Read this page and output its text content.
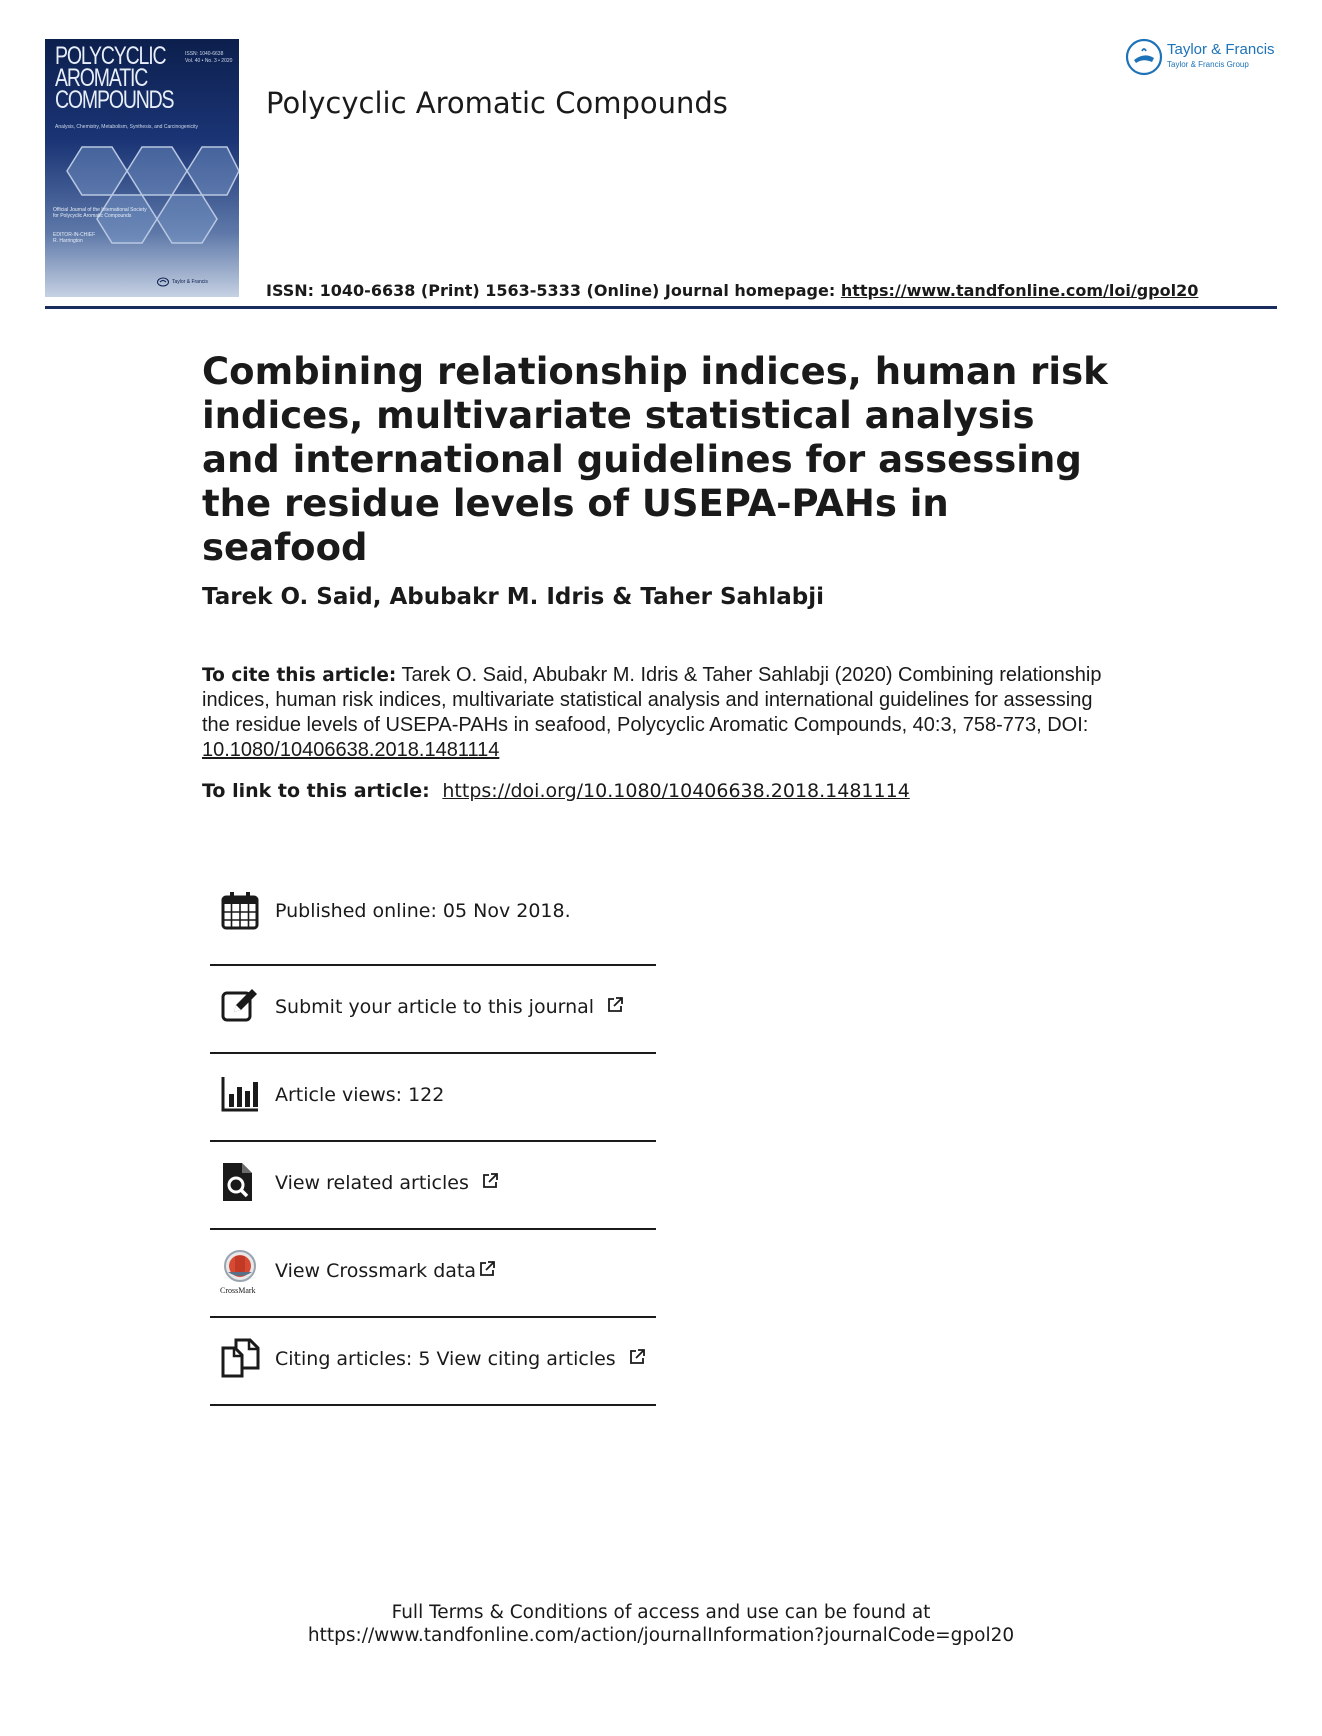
POLYCYCLIC
AROMATIC
COMPOUNDS
ISSN: 1040-6638
Vol. 40 • No. 3 • 2020
Analysis, Chemistry, Metabolism, Synthesis, and Carcinogenicity
Official Journal of the International Society for Polycyclic Aromatic Compounds
EDITOR-IN-CHIEF
R. Harrington
Taylor & Francis
Polycyclic Aromatic Compounds
Taylor & Francis
Taylor & Francis Group
ISSN: 1040-6638 (Print) 1563-5333 (Online) Journal homepage: https://www.tandfonline.com/loi/gpol20
Combining relationship indices, human risk indices, multivariate statistical analysis and international guidelines for assessing the residue levels of USEPA-PAHs in seafood
Tarek O. Said, Abubakr M. Idris & Taher Sahlabji
To cite this article: Tarek O. Said, Abubakr M. Idris & Taher Sahlabji (2020) Combining relationship indices, human risk indices, multivariate statistical analysis and international guidelines for assessing the residue levels of USEPA-PAHs in seafood, Polycyclic Aromatic Compounds, 40:3, 758-773, DOI: 10.1080/10406638.2018.1481114
To link to this article: https://doi.org/10.1080/10406638.2018.1481114
Published online: 05 Nov 2018.
Submit your article to this journal
Article views: 122
View related articles
CrossMark
View Crossmark data
Citing articles: 5 View citing articles
Full Terms & Conditions of access and use can be found at
https://www.tandfonline.com/action/journalInformation?journalCode=gpol20
